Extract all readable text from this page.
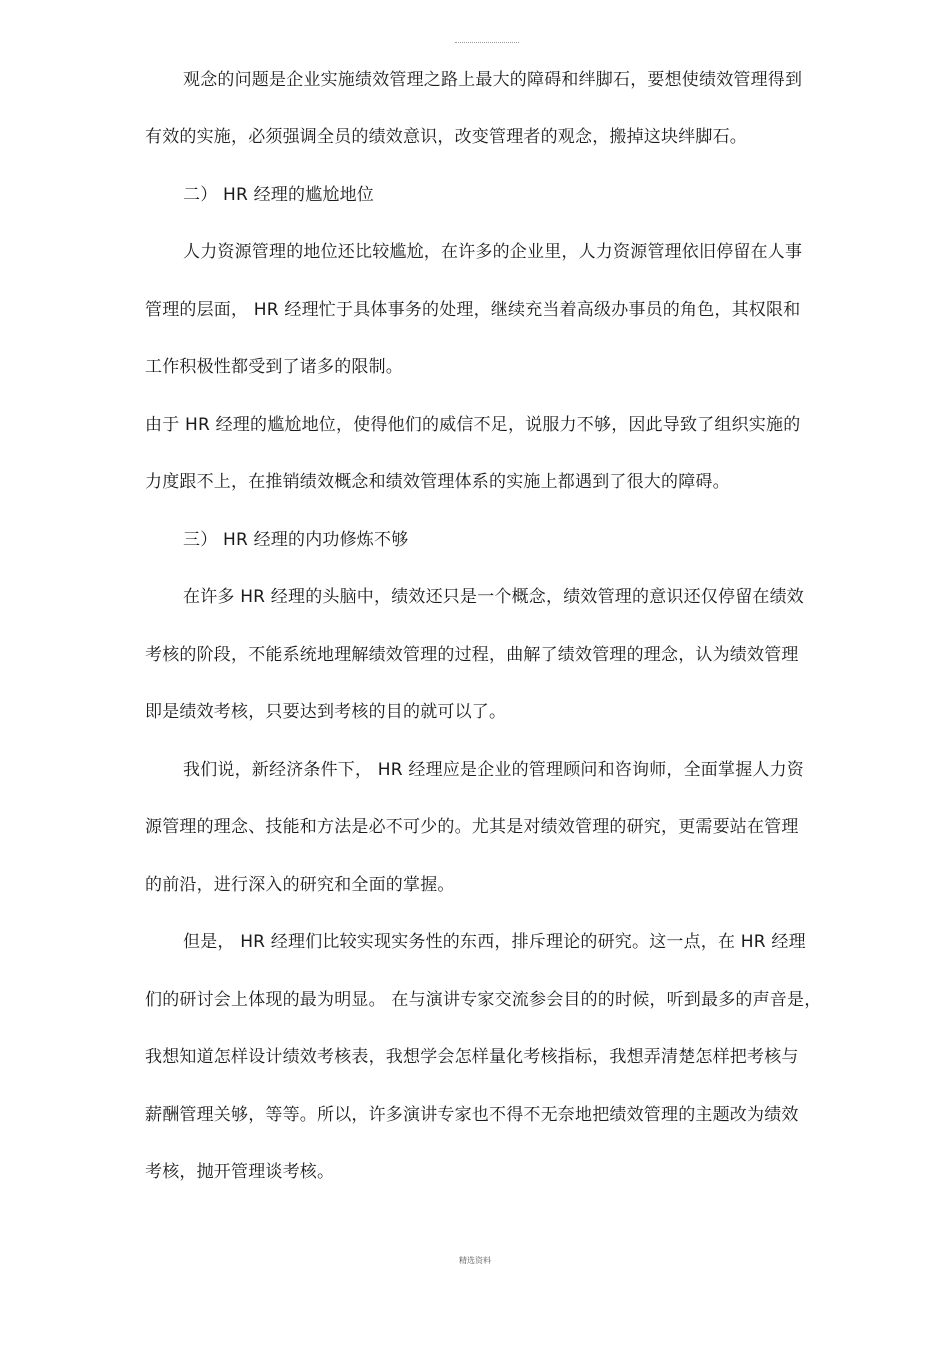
观念的问题是企业实施绩效管理之路上最大的障碍和绊脚石，要想使绩效管理得到
有效的实施，必须强调全员的绩效意识，改变管理者的观念，搬掉这块绊脚石。
二） HR 经理的尴尬地位
人力资源管理的地位还比较尴尬，在许多的企业里，人力资源管理依旧停留在人事
管理的层面， HR 经理忙于具体事务的处理，继续充当着高级办事员的角色，其权限和
工作积极性都受到了诸多的限制。
由于 HR 经理的尴尬地位，使得他们的威信不足，说服力不够，因此导致了组织实施的
力度跟不上，在推销绩效概念和绩效管理体系的实施上都遇到了很大的障碍。
三） HR 经理的内功修炼不够
在许多 HR 经理的头脑中，绩效还只是一个概念，绩效管理的意识还仅停留在绩效
考核的阶段，不能系统地理解绩效管理的过程，曲解了绩效管理的理念，认为绩效管理
即是绩效考核，只要达到考核的目的就可以了。
我们说，新经济条件下， HR 经理应是企业的管理顾问和咨询师，全面掌握人力资
源管理的理念、技能和方法是必不可少的。尤其是对绩效管理的研究，更需要站在管理
的前沿，进行深入的研究和全面的掌握。
但是， HR 经理们比较实现实务性的东西，排斥理论的研究。这一点，在 HR 经理
们的研讨会上体现的最为明显。 在与演讲专家交流参会目的的时候，听到最多的声音是，
我想知道怎样设计绩效考核表，我想学会怎样量化考核指标，我想弄清楚怎样把考核与
薪酬管理关够，等等。所以，许多演讲专家也不得不无奈地把绩效管理的主题改为绩效
考核，抛开管理谈考核。
精选资料
